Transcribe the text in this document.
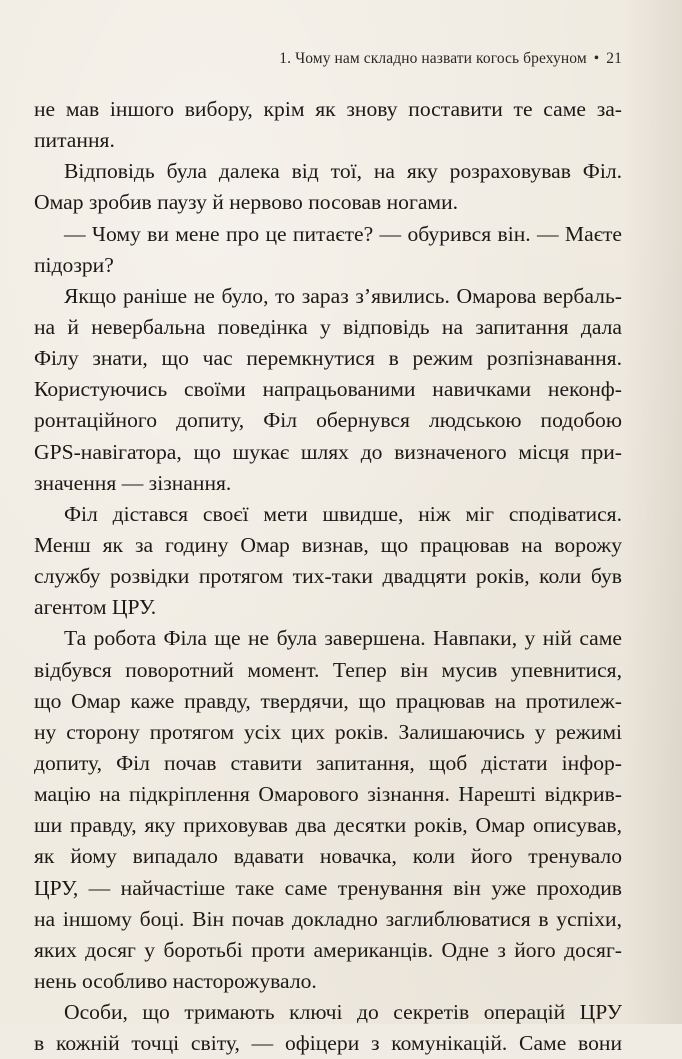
1. Чому нам складно назвати когось брехуном • 21
не мав іншого вибору, крім як знову поставити те саме за-
питання.
Відповідь була далека від тої, на яку розраховував Філ.
Омар зробив паузу й нервово посовав ногами.
— Чому ви мене про це питаєте? — обурився він. — Маєте
підозри?
Якщо раніше не було, то зараз з’явились. Омарова вербаль-
на й невербальна поведінка у відповідь на запитання дала
Філу знати, що час перемкнутися в режим розпізнавання.
Користуючись своїми напрацьованими навичками неконф-
ронтаційного допиту, Філ обернувся людською подобою
GPS-навігатора, що шукає шлях до визначеного місця при-
значення — зізнання.
Філ дістався своєї мети швидше, ніж міг сподіватися.
Менш як за годину Омар визнав, що працював на ворожу
службу розвідки протягом тих-таки двадцяти років, коли був
агентом ЦРУ.
Та робота Філа ще не була завершена. Навпаки, у ній саме
відбувся поворотний момент. Тепер він мусив упевнитися,
що Омар каже правду, твердячи, що працював на протилеж-
ну сторону протягом усіх цих років. Залишаючись у режимі
допиту, Філ почав ставити запитання, щоб дістати інфор-
мацію на підкріплення Омарового зізнання. Нарешті відкрив-
ши правду, яку приховував два десятки років, Омар описував,
як йому випадало вдавати новачка, коли його тренувало
ЦРУ, — найчастіше таке саме тренування він уже проходив
на іншому боці. Він почав докладно заглиблюватися в успіхи,
яких досяг у боротьбі проти американців. Одне з його досяг-
нень особливо насторожувало.
Особи, що тримають ключі до секретів операцій ЦРУ
в кожній точці світу, — офіцери з комунікацій. Саме вони
